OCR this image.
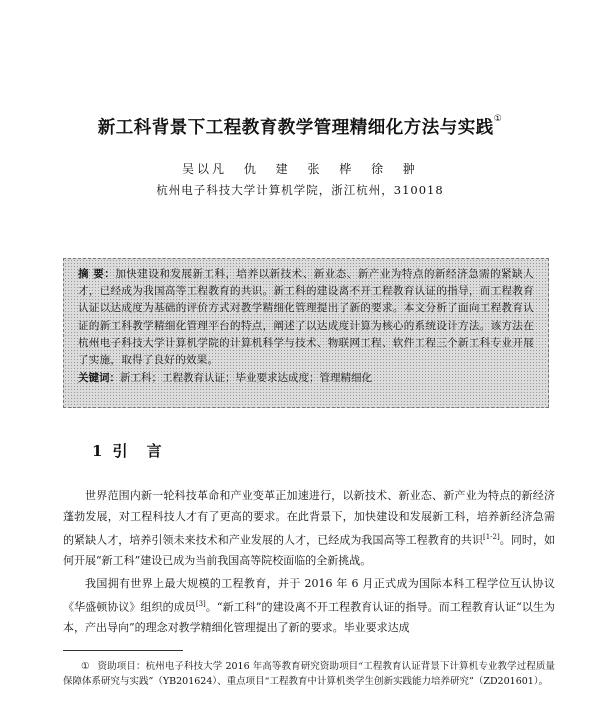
新工科背景下工程教育教学管理精细化方法与实践①
吴以凡 仇 建 张 桦 徐 翀
杭州电子科技大学计算机学院，浙江杭州，310018
摘 要：加快建设和发展新工科，培养以新技术、新业态、新产业为特点的新经济急需的紧缺人才，已经成为我国高等工程教育的共识。新工科的建设离不开工程教育认证的指导，而工程教育认证以达成度为基础的评价方式对教学精细化管理提出了新的要求。本文分析了面向工程教育认证的新工科教学精细化管理平台的特点，阐述了以达成度计算为核心的系统设计方法。该方法在杭州电子科技大学计算机学院的计算机科学与技术、物联网工程、软件工程三个新工科专业开展了实施，取得了良好的效果。
关键词：新工科；工程教育认证；毕业要求达成度；管理精细化
1 引 言

世界范围内新一轮科技革命和产业变革正加速进行，以新技术、新业态、新产业为特点的新经济蓬勃发展，对工程科技人才有了更高的要求。在此背景下，加快建设和发展新工科，培养新经济急需的紧缺人才，培养引领未来技术和产业发展的人才，已经成为我国高等工程教育的共识[1-2]。同时，如何开展“新工科”建设已成为当前我国高等院校面临的全新挑战。

我国拥有世界上最大规模的工程教育，并于 2016 年 6 月正式成为国际本科工程学位互认协议《华盛顿协议》组织的成员[3]。“新工科”的建设离不开工程教育认证的指导。而工程教育认证“以生为本，产出导向”的理念对教学精细化管理提出了新的要求。毕业要求达成

① 资助项目：杭州电子科技大学 2016 年高等教育研究资助项目“工程教育认证背景下计算机专业教学过程质量保障体系研究与实践”（YB201624）、重点项目“工程教育中计算机类学生创新实践能力培养研究”（ZD201601）。
